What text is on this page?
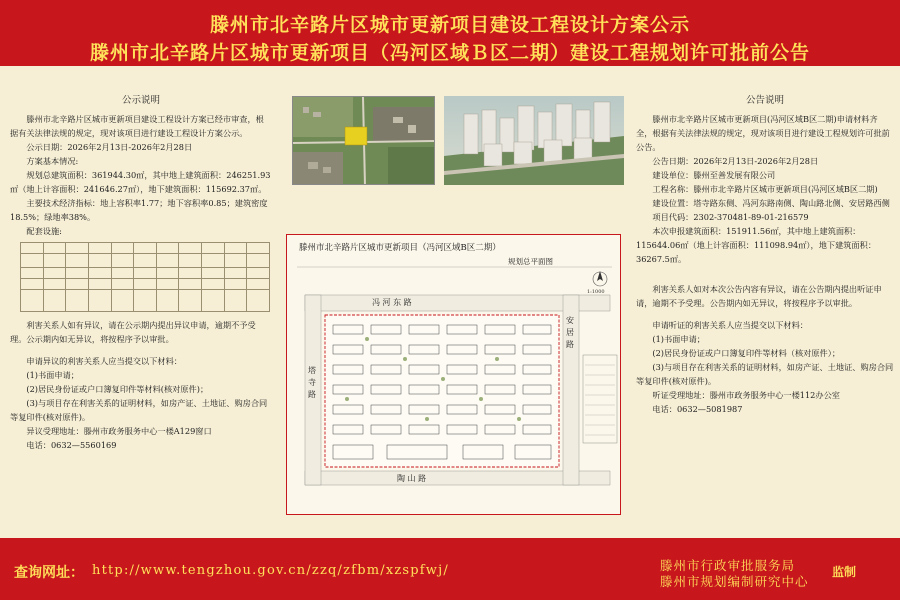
滕州市北辛路片区城市更新项目建设工程设计方案公示
滕州市北辛路片区城市更新项目（冯河区域Ｂ区二期）建设工程规划许可批前公告

公示说明

滕州市北辛路片区城市更新项目建设工程设计方案已经市审查，根据有关法律法规的规定，现对该项目进行建设工程设计方案公示。

公示日期：2026年2月13日-2026年2月28日

方案基本情况:

规划总建筑面积：361944.30㎡，其中地上建筑面积：246251.93㎡（地上计容面积：241646.27㎡），地下建筑面积：115692.37㎡。

主要技术经济指标：地上容积率1.77；地下容积率0.85；建筑密度18.5%；绿地率38%。

配套设施:

利害关系人如有异议，请在公示期内提出异议申请，逾期不予受理。公示期内如无异议，将按程序予以审批。

申请异议的利害关系人应当提交以下材料：

(1)书面申请；

(2)居民身份证或户口簿复印件等材料(核对原件)；

(3)与项目存在利害关系的证明材料，如房产证、土地证、购房合同等复印件(核对原件)。

异议受理地址：滕州市政务服务中心一楼A129窗口

电话：0632—5560169

滕州市北辛路片区城市更新项目（冯河区域B区二期）
规划总平面图
冯 河 东 路
陶 山 路
塔寺路
安居路
1:1000

公告说明

滕州市北辛路片区城市更新项目(冯河区域B区二期)申请材料齐全，根据有关法律法规的规定，现对该项目进行建设工程规划许可批前公告。

公告日期：2026年2月13日-2026年2月28日

建设单位：滕州至善发展有限公司

工程名称：滕州市北辛路片区城市更新项目(冯河区域B区二期)

建设位置：塔寺路东侧、冯河东路南侧、陶山路北侧、安居路西侧

项目代码：2302-370481-89-01-216579

本次申报建筑面积：151911.56㎡，其中地上建筑面积：115644.06㎡（地上计容面积：111098.94㎡），地下建筑面积：36267.5㎡。

利害关系人如对本次公告内容有异议，请在公告期内提出听证申请，逾期不予受理。公告期内如无异议，将按程序予以审批。

申请听证的利害关系人应当提交以下材料：

(1)书面申请；

(2)居民身份证或户口簿复印件等材料（核对原件）；

(3)与项目存在利害关系的证明材料，如房产证、土地证、购房合同等复印件(核对原件)。

听证受理地址：滕州市政务服务中心一楼112办公室

电话：0632—5081987

查询网址： http://www.tengzhou.gov.cn/zzq/zfbm/xzspfwj/	滕州市行政审批服务局
滕州市规划编制研究中心
监制
